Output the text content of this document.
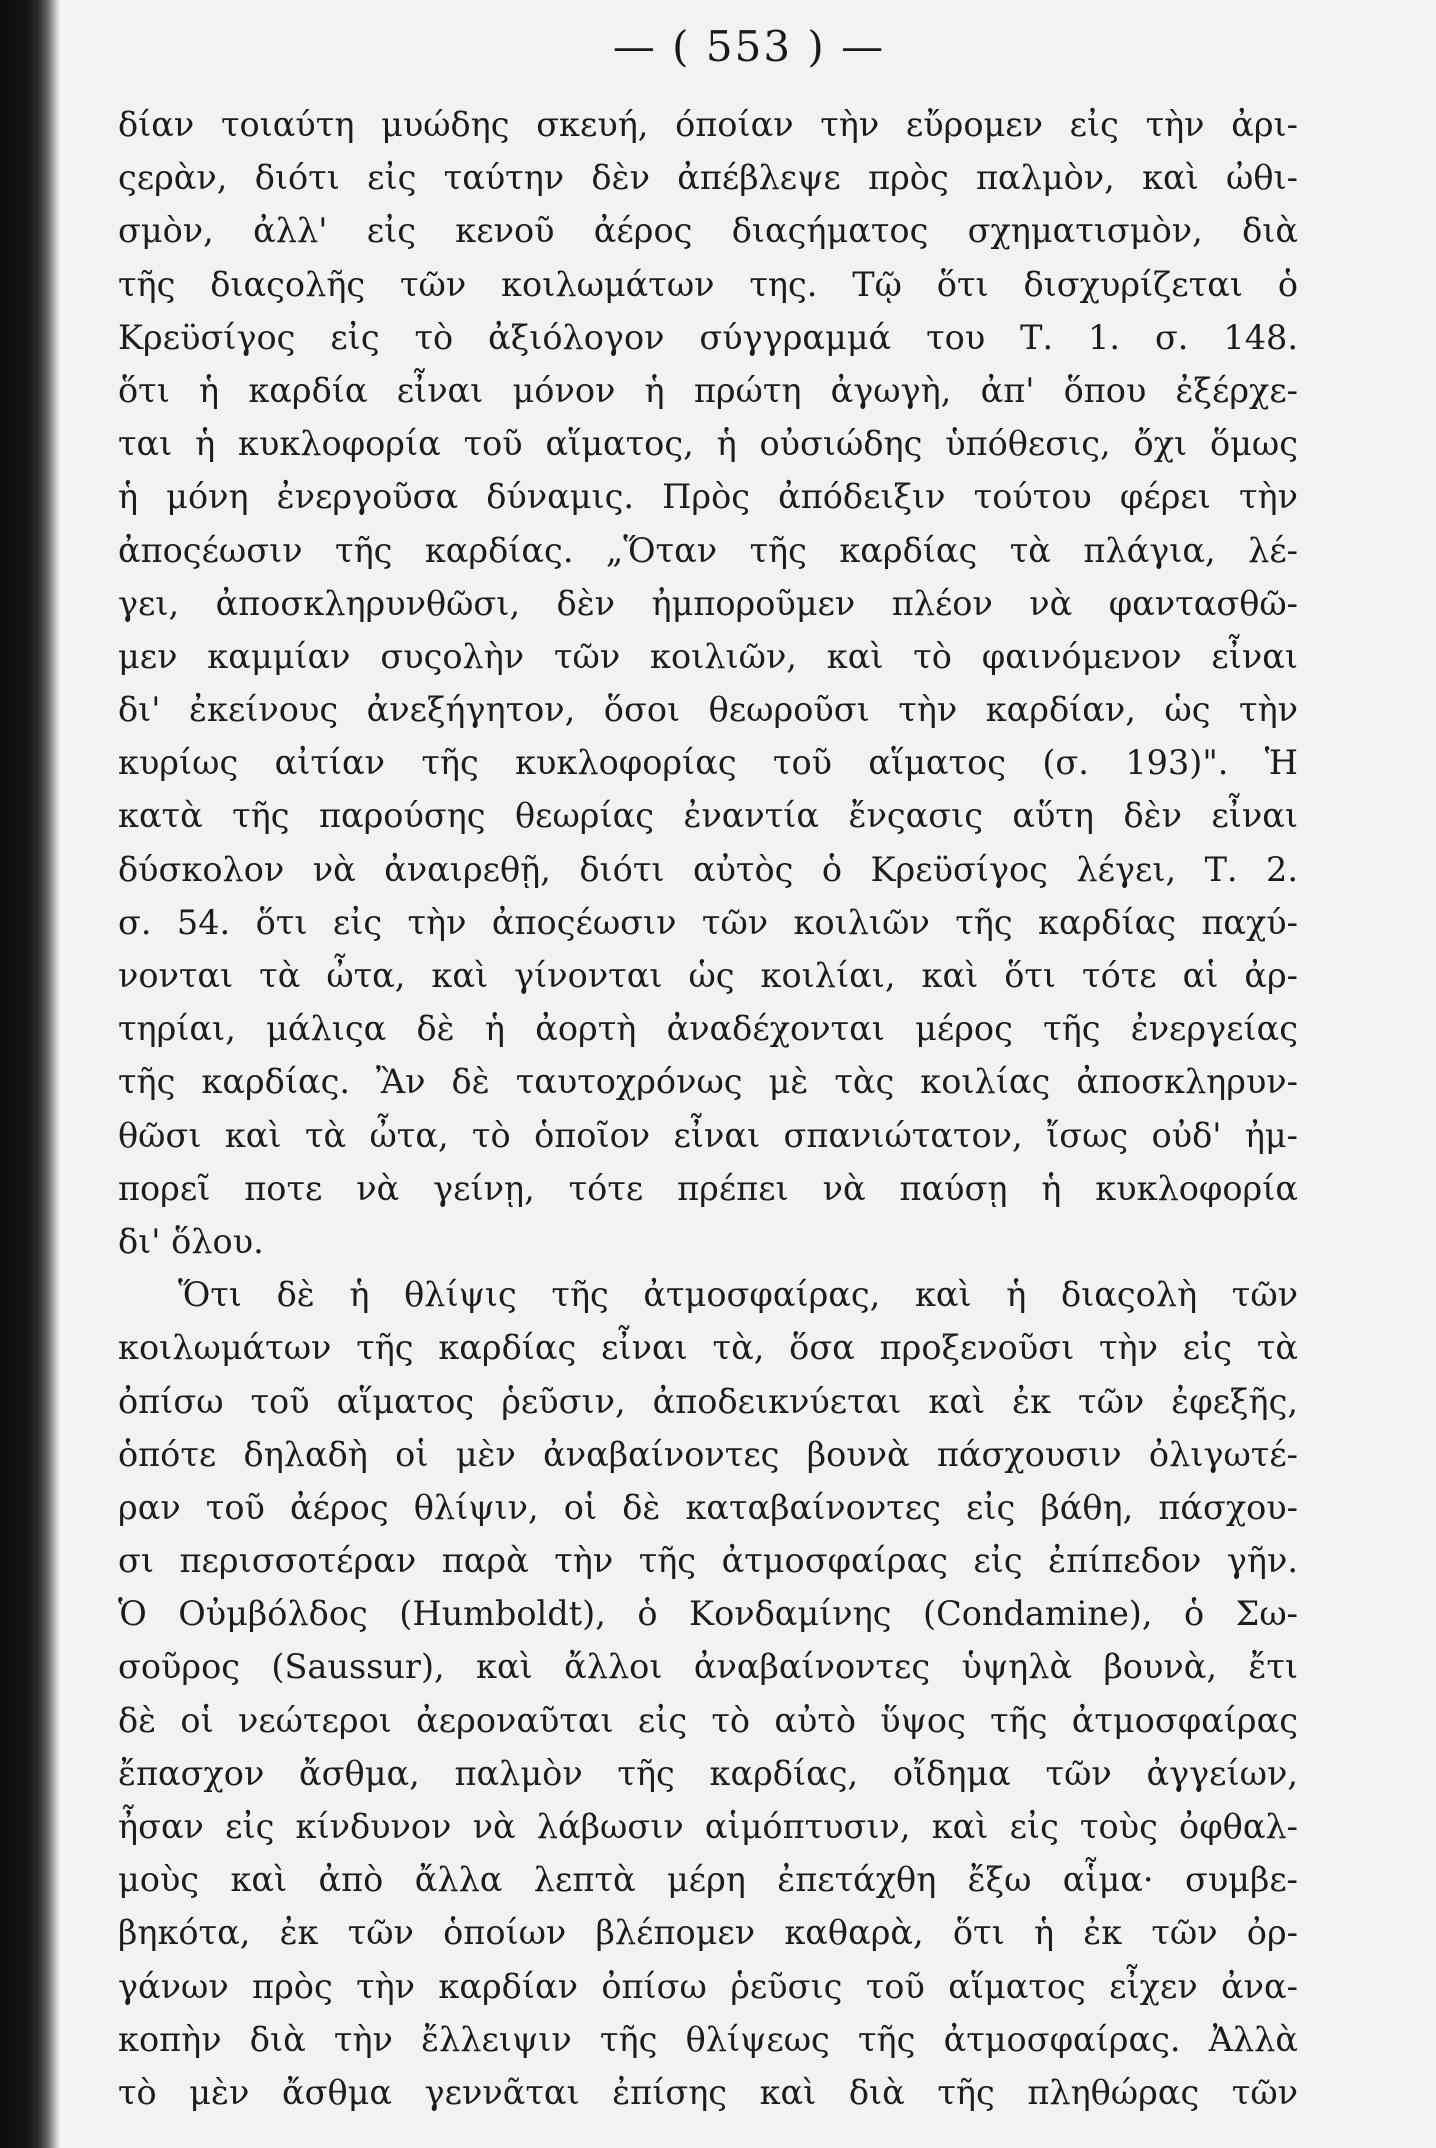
— ( 553 ) —
δίαν τοιαύτη μυώδης σκευή, όποίαν τὴν εὔρομεν εἰς τὴν ἀρι-
ςερὰν, διότι εἰς ταύτην δὲν ἀπέβλεψε πρὸς παλμὸν, καὶ ὠθι-
σμὸν, ἀλλ' εἰς κενοῦ ἀέρος διαςήματος σχηματισμὸν, διὰ
τῆς διαςολῆς τῶν κοιλωμάτων της. Τῷ ὅτι δισχυρίζεται ὁ
Κρεϋσίγος εἰς τὸ ἀξιόλογον σύγγραμμά του Τ. 1. σ. 148.
ὅτι ἡ καρδία εἶναι μόνον ἡ πρώτη ἀγωγὴ, ἀπ' ὅπου ἐξέρχε-
ται ἡ κυκλοφορία τοῦ αἵματος, ἡ οὐσιώδης ὑπόθεσις, ὄχι ὅμως
ἡ μόνη ἐνεργοῦσα δύναμις. Πρὸς ἀπόδειξιν τούτου φέρει τὴν
ἀποςέωσιν τῆς καρδίας. „Ὅταν τῆς καρδίας τὰ πλάγια, λέ-
γει, ἀποσκληρυνθῶσι, δὲν ἠμποροῦμεν πλέον νὰ φαντασθῶ-
μεν καμμίαν συςολὴν τῶν κοιλιῶν, καὶ τὸ φαινόμενον εἶναι
δι' ἐκείνους ἀνεξήγητον, ὅσοι θεωροῦσι τὴν καρδίαν, ὡς τὴν
κυρίως αἰτίαν τῆς κυκλοφορίας τοῦ αἵματος (σ. 193)". Ἡ
κατὰ τῆς παρούσης θεωρίας ἐναντία ἔνςασις αὕτη δὲν εἶναι
δύσκολον νὰ ἀναιρεθῇ, διότι αὐτὸς ὁ Κρεϋσίγος λέγει, Τ. 2.
σ. 54. ὅτι εἰς τὴν ἀποςέωσιν τῶν κοιλιῶν τῆς καρδίας παχύ-
νονται τὰ ὦτα, καὶ γίνονται ὡς κοιλίαι, καὶ ὅτι τότε αἱ ἀρ-
τηρίαι, μάλιςα δὲ ἡ ἀορτὴ ἀναδέχονται μέρος τῆς ἐνεργείας
τῆς καρδίας. Ἂν δὲ ταυτοχρόνως μὲ τὰς κοιλίας ἀποσκληρυν-
θῶσι καὶ τὰ ὦτα, τὸ ὁποῖον εἶναι σπανιώτατον, ἴσως οὐδ' ἠμ-
πορεῖ ποτε νὰ γείνῃ, τότε πρέπει νὰ παύσῃ ἡ κυκλοφορία
δι' ὅλου.
Ὅτι δὲ ἡ θλίψις τῆς ἀτμοσφαίρας, καὶ ἡ διαςολὴ τῶν
κοιλωμάτων τῆς καρδίας εἶναι τὰ, ὅσα προξενοῦσι τὴν εἰς τὰ
ὀπίσω τοῦ αἵματος ῥεῦσιν, ἀποδεικνύεται καὶ ἐκ τῶν ἐφεξῆς,
ὁπότε δηλαδὴ οἱ μὲν ἀναβαίνοντες βουνὰ πάσχουσιν ὀλιγωτέ-
ραν τοῦ ἀέρος θλίψιν, οἱ δὲ καταβαίνοντες εἰς βάθη, πάσχου-
σι περισσοτέραν παρὰ τὴν τῆς ἀτμοσφαίρας εἰς ἐπίπεδον γῆν.
Ὁ Οὐμβόλδος (Humboldt), ὁ Κονδαμίνης (Condamine), ὁ Σω-
σοῦρος (Saussur), καὶ ἄλλοι ἀναβαίνοντες ὑψηλὰ βουνὰ, ἔτι
δὲ οἱ νεώτεροι ἀεροναῦται εἰς τὸ αὐτὸ ὕψος τῆς ἀτμοσφαίρας
ἔπασχον ἄσθμα, παλμὸν τῆς καρδίας, οἴδημα τῶν ἀγγείων,
ἦσαν εἰς κίνδυνον νὰ λάβωσιν αἱμόπτυσιν, καὶ εἰς τοὺς ὀφθαλ-
μοὺς καὶ ἀπὸ ἄλλα λεπτὰ μέρη ἐπετάχθη ἔξω αἷμα· συμβε-
βηκότα, ἐκ τῶν ὁποίων βλέπομεν καθαρὰ, ὅτι ἡ ἐκ τῶν ὀρ-
γάνων πρὸς τὴν καρδίαν ὀπίσω ῥεῦσις τοῦ αἵματος εἶχεν ἀνα-
κοπὴν διὰ τὴν ἔλλειψιν τῆς θλίψεως τῆς ἀτμοσφαίρας. Ἀλλὰ
τὸ μὲν ἄσθμα γεννᾶται ἐπίσης καὶ διὰ τῆς πληθώρας τῶν
